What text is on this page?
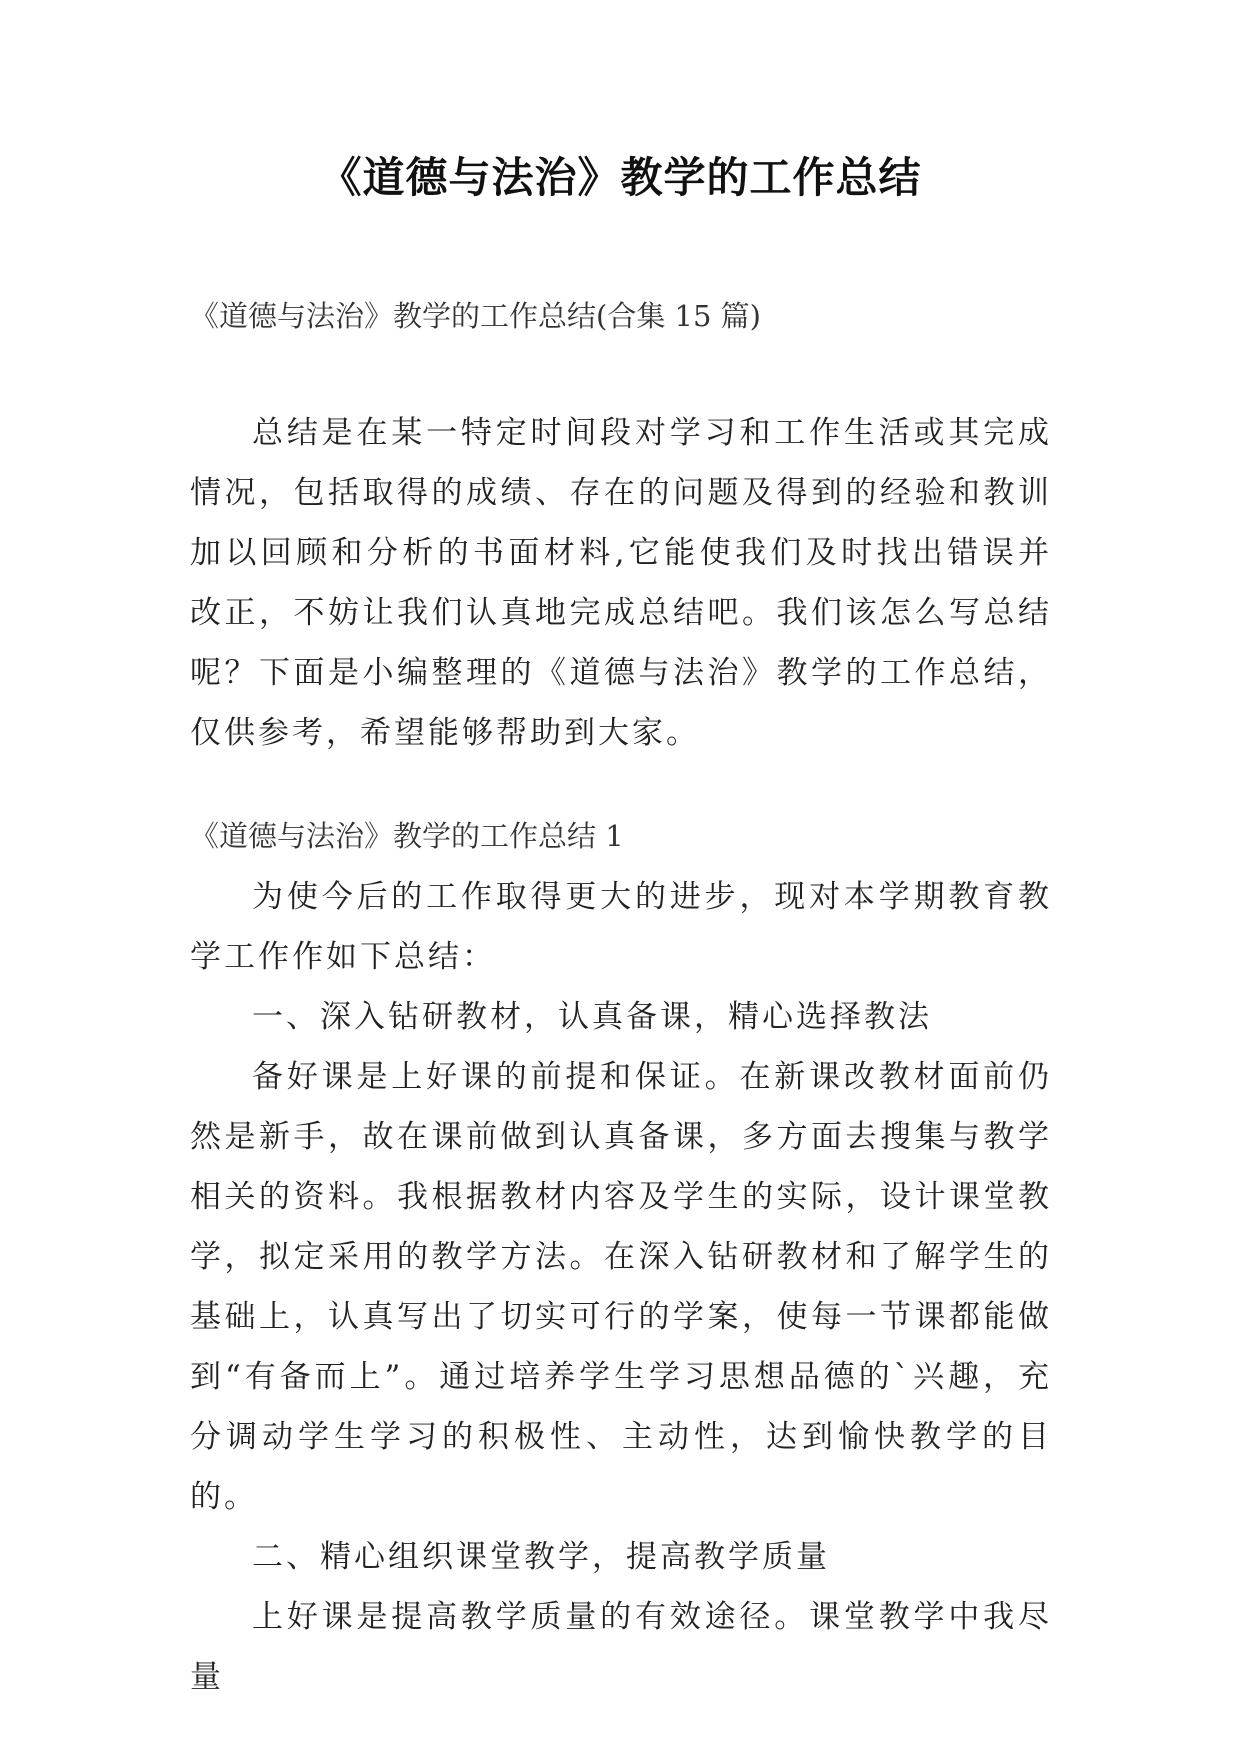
《道德与法治》教学的工作总结
《道德与法治》教学的工作总结(合集 15 篇)

总结是在某一特定时间段对学习和工作生活或其完成情况，包括取得的成绩、存在的问题及得到的经验和教训加以回顾和分析的书面材料,它能使我们及时找出错误并改正，不妨让我们认真地完成总结吧。我们该怎么写总结呢？下面是小编整理的《道德与法治》教学的工作总结，仅供参考，希望能够帮助到大家。

《道德与法治》教学的工作总结 1

为使今后的工作取得更大的进步，现对本学期教育教学工作作如下总结：

一、深入钻研教材，认真备课，精心选择教法

备好课是上好课的前提和保证。在新课改教材面前仍然是新手，故在课前做到认真备课，多方面去搜集与教学相关的资料。我根据教材内容及学生的实际，设计课堂教学，拟定采用的教学方法。在深入钻研教材和了解学生的基础上，认真写出了切实可行的学案，使每一节课都能做到“有备而上”。通过培养学生学习思想品德的`兴趣，充分调动学生学习的积极性、主动性，达到愉快教学的目的。

二、精心组织课堂教学，提高教学质量

上好课是提高教学质量的有效途径。课堂教学中我尽量
